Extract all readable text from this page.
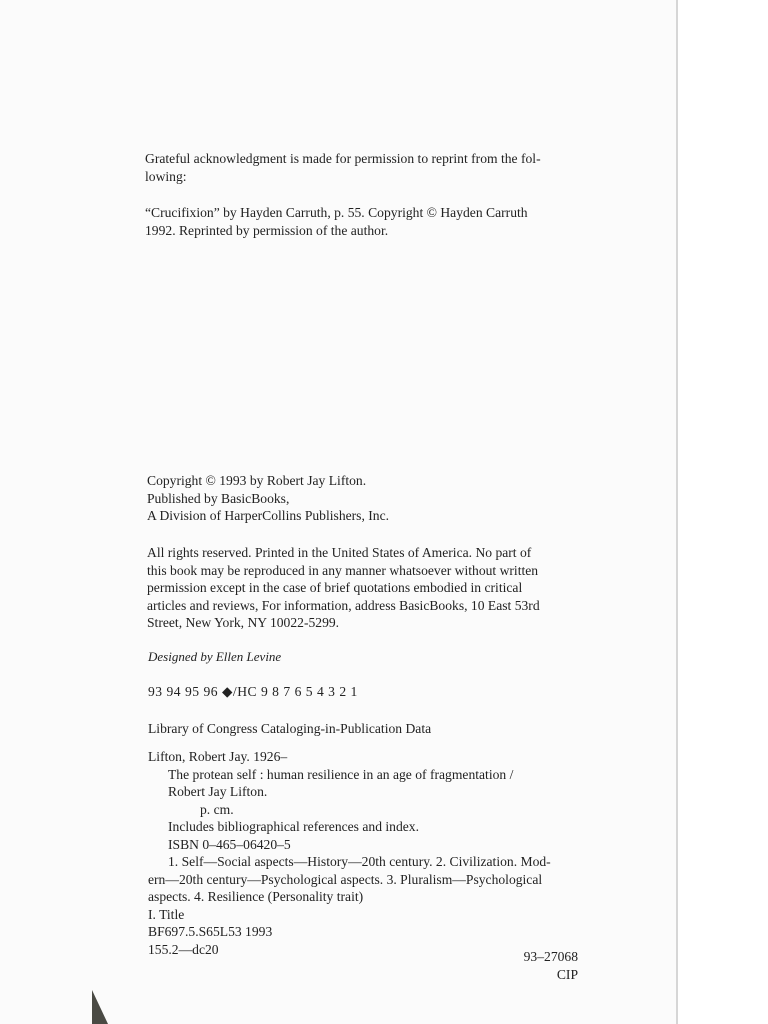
Grateful acknowledgment is made for permission to reprint from the fol-
lowing:

“Crucifixion” by Hayden Carruth, p. 55. Copyright © Hayden Carruth
1992. Reprinted by permission of the author.

Copyright © 1993 by Robert Jay Lifton.
Published by BasicBooks,
A Division of HarperCollins Publishers, Inc.

All rights reserved. Printed in the United States of America. No part of
this book may be reproduced in any manner whatsoever without written
permission except in the case of brief quotations embodied in critical
articles and reviews, For information, address BasicBooks, 10 East 53rd
Street, New York, NY 10022-5299.

Designed by Ellen Levine

93 94 95 96 ◆/HC 9 8 7 6 5 4 3 2 1

Library of Congress Cataloging-in-Publication Data

Lifton, Robert Jay. 1926–
The protean self : human resilience in an age of fragmentation /
Robert Jay Lifton.
p. cm.
Includes bibliographical references and index.
ISBN 0–465–06420–5
1. Self—Social aspects—History—20th century. 2. Civilization. Mod-
ern—20th century—Psychological aspects. 3. Pluralism—Psychological
aspects. 4. Resilience (Personality trait)
I. Title
BF697.5.S65L53 1993
155.2—dc20	93–27068
CIP
